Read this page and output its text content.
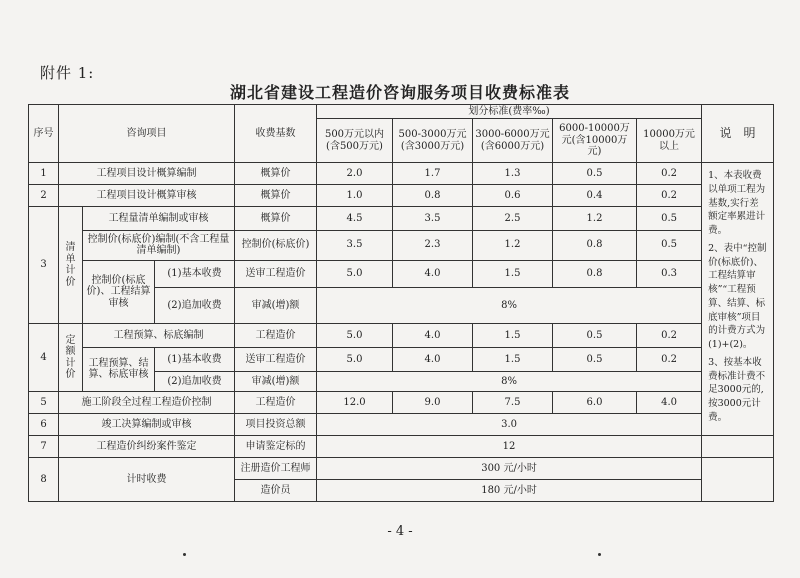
附件 1:
湖北省建设工程造价咨询服务项目收费标准表
序号	咨询项目			收费基数	划分标准(费率‰)					说　明	
					500万元以内(含500万元)	500-3000万元(含3000万元)	3000-6000万元(含6000万元)	6000-10000万元(含10000万元)	10000万元以上		
1	工程项目设计概算编制			概算价	2.0	1.7	1.3	0.5	0.2	1、本表收费以单项工程为基数,实行差额定率累进计费。

2、表中“控制价(标底价)、工程结算审核”“工程预算、结算、标底审核”项目的计费方式为(1)+(2)。

3、按基本收费标准计费不足3000元的,按3000元计费。	

2	工程项目设计概算审核			概算价	1.0	0.8	0.6	0.4	0.2		
3	清单计价	工程量清单编制或审核		概算价	4.5	3.5	2.5	1.2	0.5		
		控制价(标底价)编制(不含工程量清单编制)		控制价(标底价)	3.5	2.3	1.2	0.8	0.5		
		控制价(标底价)、工程结算审核	(1)基本收费	送审工程造价	5.0	4.0	1.5	0.8	0.3		
			(2)追加收费	审减(增)额	8%						
4	定额计价	工程预算、标底编制		工程造价	5.0	4.0	1.5	0.5	0.2		
		工程预算、结算、标底审核	(1)基本收费	送审工程造价	5.0	4.0	1.5	0.5	0.2		
			(2)追加收费	审减(增)额	8%						
5	施工阶段全过程工程造价控制			工程造价	12.0	9.0	7.5	6.0	4.0		
6	竣工决算编制或审核			项目投资总额	3.0						
7	工程造价纠纷案件鉴定			申请鉴定标的	12						
8	计时收费			注册造价工程师	300 元/小时						
				造价员	180 元/小时						
- 4 -
